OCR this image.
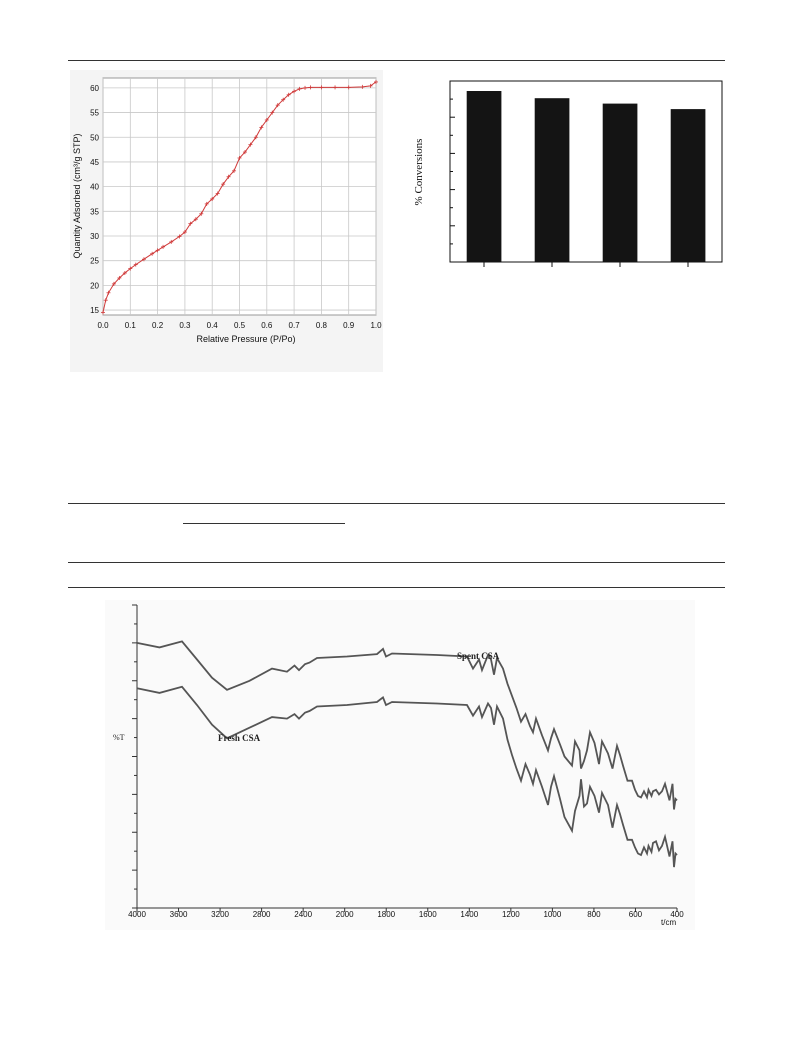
0.0 0.1 0.2 0.3 0.4 0.5 0.6 0.7 0.8 0.9 1.0
15
20
25
30
35
40
45
50
55
60
Relative Pressure (P/Po)
Quantity Adsorbed (cm³/g STP)	% Conversions
4000	3600	3200	2800	2400	2000	1800	1600	1400	1200	1000	800	600	400
Spent CSA
Fresh CSA
%T
t/cm
